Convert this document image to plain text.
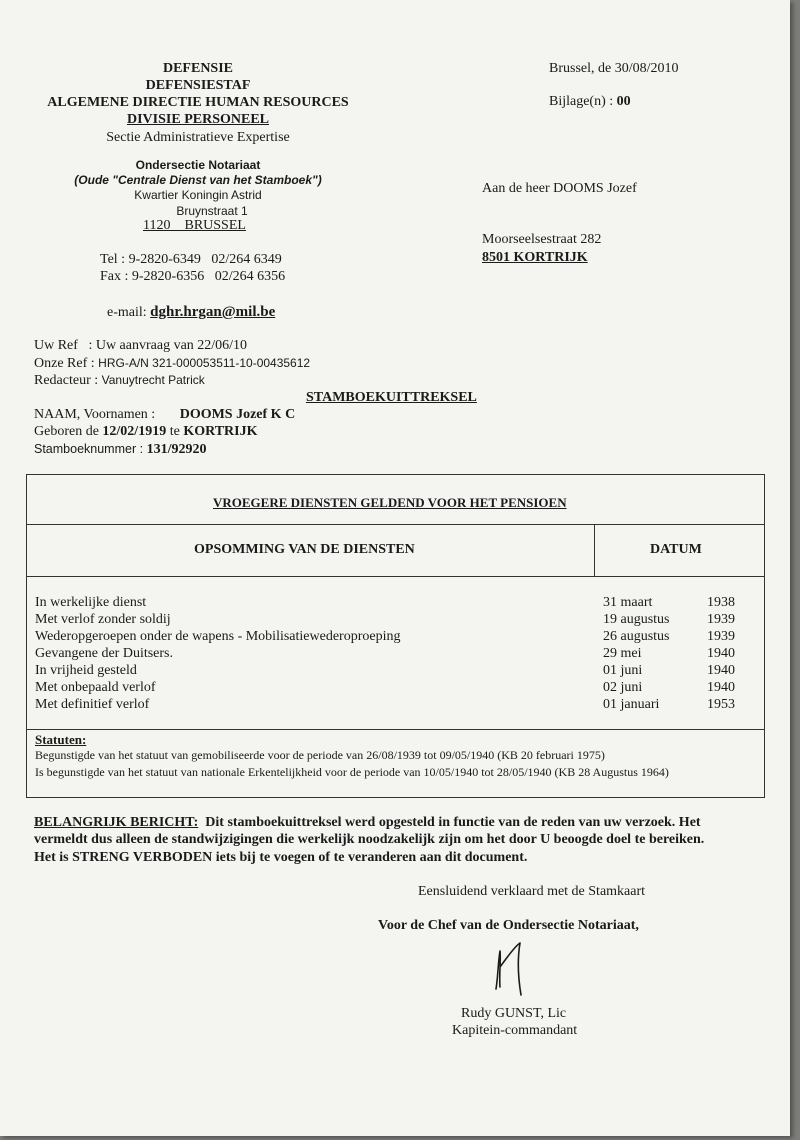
DEFENSIE
DEFENSIESTAF
ALGEMENE DIRECTIE HUMAN RESOURCES
DIVISIE PERSONEEL
Sectie Administratieve Expertise
Ondersectie Notariaat
(Oude "Centrale Dienst van het Stamboek")
Kwartier Koningin Astrid
Bruynstraat 1
1120 BRUSSEL
Tel : 9-2820-6349 02/264 6349
Fax : 9-2820-6356 02/264 6356
e-mail: dghr.hrgan@mil.be
Brussel, de 30/08/2010
Bijlage(n) : 00
Aan de heer DOOMS Jozef
Moorseelsestraat 282
8501 KORTRIJK
Uw Ref : Uw aanvraag van 22/06/10
Onze Ref : HRG-A/N 321-000053511-10-00435612
Redacteur : Vanuytrecht Patrick
STAMBOEKUITTREKSEL
NAAM, Voornamen : DOOMS Jozef K C
Geboren de 12/02/1919 te KORTRIJK
Stamboeknummer : 131/92920
VROEGERE DIENSTEN GELDEND VOOR HET PENSIOEN
OPSOMMING VAN DE DIENSTEN	DATUM
In werkelijke dienst	31 maart	1938
Met verlof zonder soldij	19 augustus	1939
Wederopgeroepen onder de wapens - Mobilisatiewederoproeping	26 augustus	1939
Gevangene der Duitsers.	29 mei	1940
In vrijheid gesteld	01 juni	1940
Met onbepaald verlof	02 juni	1940
Met definitief verlof	01 januari	1953
Statuten:
Begunstigde van het statuut van gemobiliseerde voor de periode van 26/08/1939 tot 09/05/1940 (KB 20 februari 1975)
Is begunstigde van het statuut van nationale Erkentelijkheid voor de periode van 10/05/1940 tot 28/05/1940 (KB 28 Augustus 1964)
BELANGRIJK BERICHT: Dit stamboekuittreksel werd opgesteld in functie van de reden van uw verzoek. Het
vermeldt dus alleen de standwijzigingen die werkelijk noodzakelijk zijn om het door U beoogde doel te bereiken.
Het is STRENG VERBODEN iets bij te voegen of te veranderen aan dit document.
Eensluidend verklaard met de Stamkaart
Voor de Chef van de Ondersectie Notariaat,
Rudy GUNST, Lic
Kapitein-commandant
